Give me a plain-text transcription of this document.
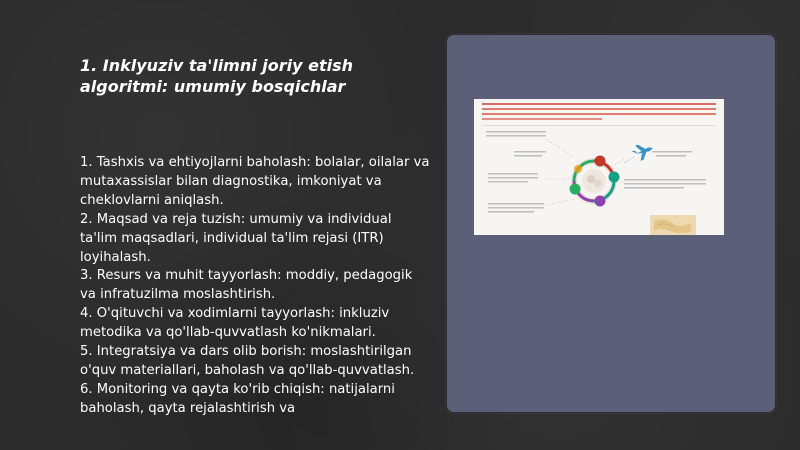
1. Inklyuziv ta'limni joriy etish algoritmi: umumiy bosqichlar

1. Tashxis va ehtiyojlarni baholash: bolalar, oilalar va mutaxassislar bilan diagnostika, imkoniyat va cheklovlarni aniqlash.

2. Maqsad va reja tuzish: umumiy va individual ta'lim maqsadlari, individual ta'lim rejasi (ITR) loyihalash.

3. Resurs va muhit tayyorlash: moddiy, pedagogik va infratuzilma moslashtirish.

4. O'qituvchi va xodimlarni tayyorlash: inkluziv metodika va qo'llab-quvvatlash ko'nikmalari.

5. Integratsiya va dars olib borish: moslashtirilgan o'quv materiallari, baholash va qo'llab-quvvatlash.

6. Monitoring va qayta ko'rib chiqish: natijalarni baholash, qayta rejalashtirish va
